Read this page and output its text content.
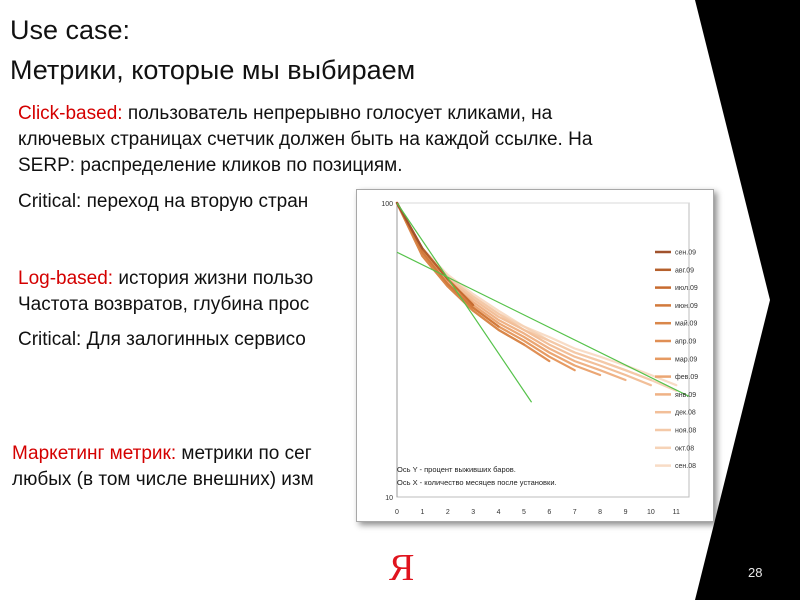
Use case:
Метрики, которые мы выбираем
Click-based: пользователь непрерывно голосует кликами, на
ключевых страницах счетчик должен быть на каждой ссылке. На
SERP: распределение кликов по позициям.
Critical: переход на вторую стран
Log-based: история жизни пользо
Частота возвратов, глубина прос
Critical: Для залогинных сервисо
Маркетинг метрик: метрики по сег
любых (в том числе внешних) изм
100
10
0	1	2	3	4	5	6	7	8	9	10	11
сен.09
авг.09
июл.09
июн.09
май.09
апр.09
мар.09
фев.09
янв.09
дек.08
ноя.08
окт.08
сен.08
Ось Y - процент выживших баров.
Ось X - количество месяцев после установки.
Я	28
